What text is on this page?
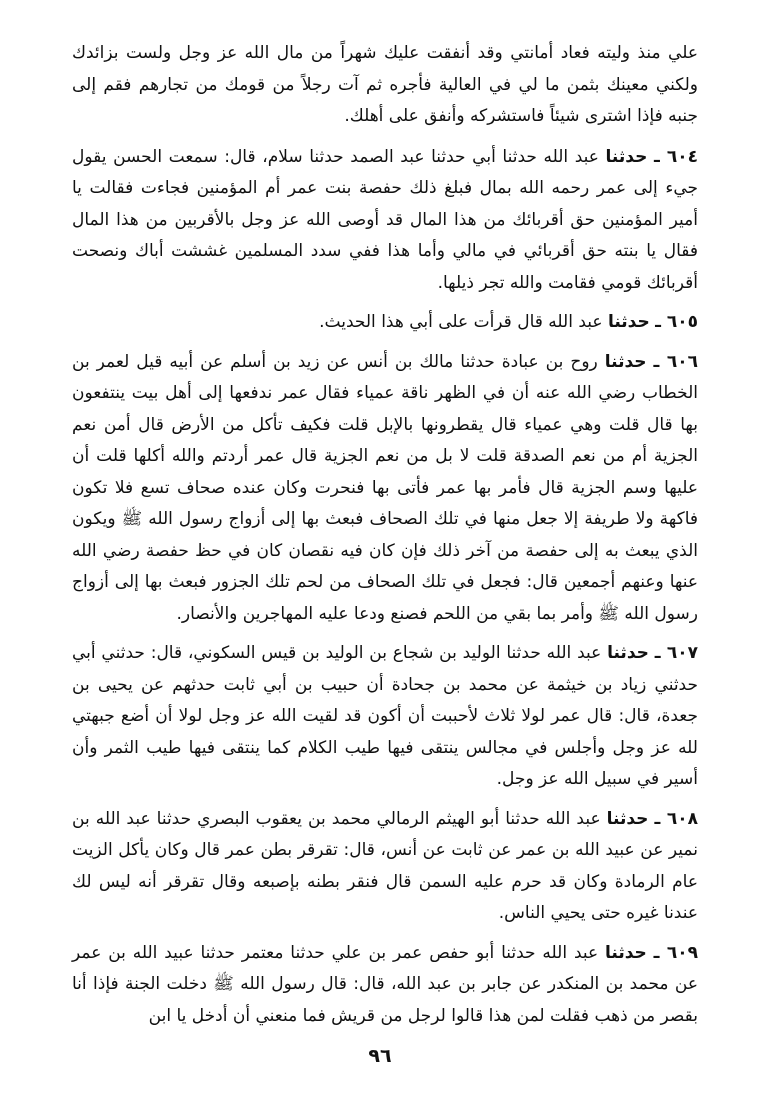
علي منذ وليته فعاد أمانتي وقد أنفقت عليك شهراً من مال الله عز وجل ولست بزائدك ولكني معينك بثمن ما لي في العالية فأجره ثم آت رجلاً من قومك من تجارهم فقم إلى جنبه فإذا اشترى شيئاً فاستشركه وأنفق على أهلك.

٦٠٤ ـ حدثنا عبد الله حدثنا أبي حدثنا عبد الصمد حدثنا سلام، قال: سمعت الحسن يقول جيء إلى عمر رحمه الله بمال فبلغ ذلك حفصة بنت عمر أم المؤمنين فجاءت فقالت يا أمير المؤمنين حق أقربائك من هذا المال قد أوصى الله عز وجل بالأقربين من هذا المال فقال يا بنته حق أقربائي في مالي وأما هذا ففي سدد المسلمين غششت أباك ونصحت أقربائك قومي فقامت والله تجر ذيلها.

٦٠٥ ـ حدثنا عبد الله قال قرأت على أبي هذا الحديث.

٦٠٦ ـ حدثنا روح بن عبادة حدثنا مالك بن أنس عن زيد بن أسلم عن أبيه قيل لعمر بن الخطاب رضي الله عنه أن في الظهر ناقة عمياء فقال عمر ندفعها إلى أهل بيت ينتفعون بها قال قلت وهي عمياء قال يقطرونها بالإبل قلت فكيف تأكل من الأرض قال أمن نعم الجزية أم من نعم الصدقة قلت لا بل من نعم الجزية قال عمر أردتم والله أكلها قلت أن عليها وسم الجزية قال فأمر بها عمر فأتى بها فنحرت وكان عنده صحاف تسع فلا تكون فاكهة ولا طريفة إلا جعل منها في تلك الصحاف فبعث بها إلى أزواج رسول الله ﷺ ويكون الذي يبعث به إلى حفصة من آخر ذلك فإن كان فيه نقصان كان في حظ حفصة رضي الله عنها وعنهم أجمعين قال: فجعل في تلك الصحاف من لحم تلك الجزور فبعث بها إلى أزواج رسول الله ﷺ وأمر بما بقي من اللحم فصنع ودعا عليه المهاجرين والأنصار.

٦٠٧ ـ حدثنا عبد الله حدثنا الوليد بن شجاع بن الوليد بن قيس السكوني، قال: حدثني أبي حدثني زياد بن خيثمة عن محمد بن جحادة أن حبيب بن أبي ثابت حدثهم عن يحيى بن جعدة، قال: قال عمر لولا ثلاث لأحببت أن أكون قد لقيت الله عز وجل لولا أن أضع جبهتي لله عز وجل وأجلس في مجالس ينتقى فيها طيب الكلام كما ينتقى فيها طيب الثمر وأن أسير في سبيل الله عز وجل.

٦٠٨ ـ حدثنا عبد الله حدثنا أبو الهيثم الرمالي محمد بن يعقوب البصري حدثنا عبد الله بن نمير عن عبيد الله بن عمر عن ثابت عن أنس، قال: تقرقر بطن عمر قال وكان يأكل الزيت عام الرمادة وكان قد حرم عليه السمن قال فنقر بطنه بإصبعه وقال تقرقر أنه ليس لك عندنا غيره حتى يحيي الناس.

٦٠٩ ـ حدثنا عبد الله حدثنا أبو حفص عمر بن علي حدثنا معتمر حدثنا عبيد الله بن عمر عن محمد بن المنكدر عن جابر بن عبد الله، قال: قال رسول الله ﷺ دخلت الجنة فإذا أنا بقصر من ذهب فقلت لمن هذا قالوا لرجل من قريش فما منعني أن أدخل يا ابن

٩٦
